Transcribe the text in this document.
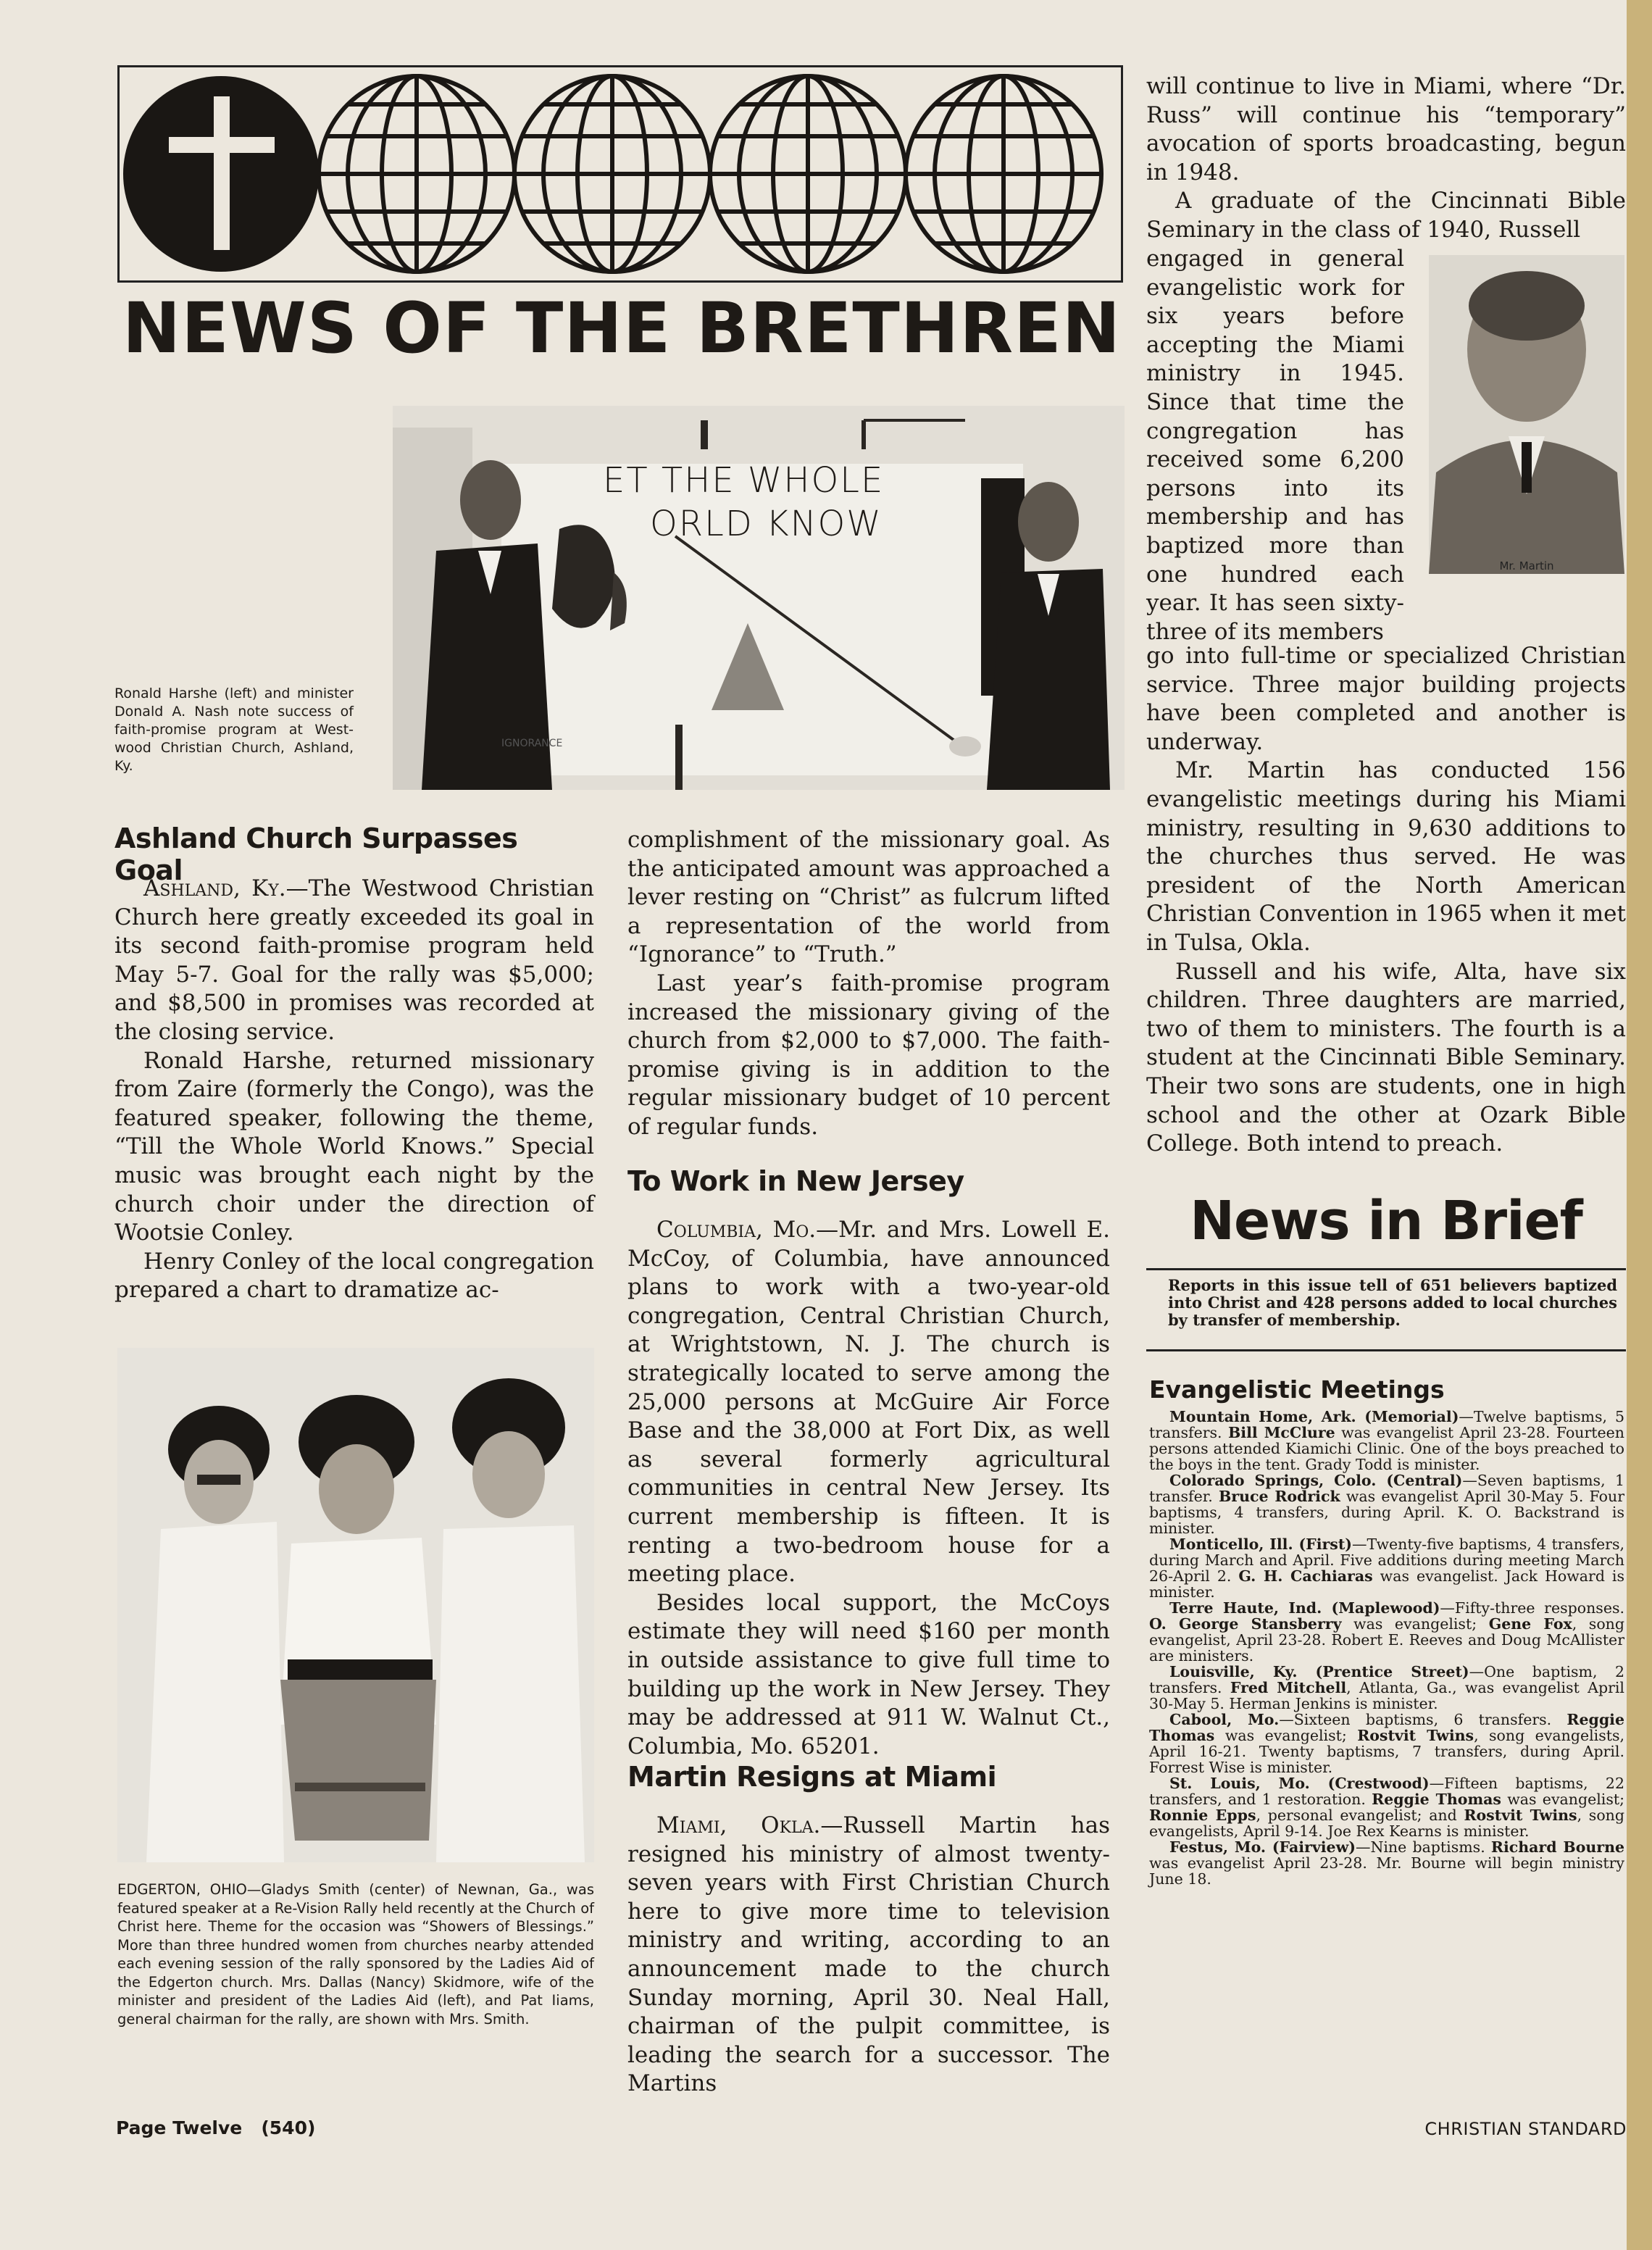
NEWS OF THE BRETHREN
IGNORANCE
ET THE WHOLE
ORLD KNOW
Ronald Harshe (left) and minister Donald A. Nash note success of faith-promise program at West-wood Christian Church, Ashland, Ky.
Ashland Church Surpasses Goal

Ashland, Ky.—The Westwood Christian Church here greatly exceeded its goal in its second faith-promise program held May 5-7. Goal for the rally was $5,000; and $8,500 in promises was recorded at the closing service.

Ronald Harshe, returned missionary from Zaire (formerly the Congo), was the featured speaker, following the theme, “Till the Whole World Knows.” Special music was brought each night by the church choir under the direction of Wootsie Conley.

Henry Conley of the local congregation prepared a chart to dramatize ac-

EDGERTON, OHIO—Gladys Smith (center) of Newnan, Ga., was featured speaker at a Re-Vision Rally held recently at the Church of Christ here. Theme for the occasion was “Showers of Blessings.” More than three hundred women from churches nearby attended each evening session of the rally sponsored by the Ladies Aid of the Edgerton church. Mrs. Dallas (Nancy) Skidmore, wife of the minister and president of the Ladies Aid (left), and Pat Iiams, general chairman for the rally, are shown with Mrs. Smith.

complishment of the missionary goal. As the anticipated amount was approached a lever resting on “Christ” as fulcrum lifted a representation of the world from “Ignorance” to “Truth.”

Last year’s faith-promise program increased the missionary giving of the church from $2,000 to $7,000. The faith-promise giving is in addition to the regular missionary budget of 10 percent of regular funds.

To Work in New Jersey

Columbia, Mo.—Mr. and Mrs. Lowell E. McCoy, of Columbia, have announced plans to work with a two-year-old congregation, Central Christian Church, at Wrightstown, N. J. The church is strategically located to serve among the 25,000 persons at McGuire Air Force Base and the 38,000 at Fort Dix, as well as several formerly agricultural communities in central New Jersey. Its current membership is fifteen. It is renting a two-bedroom house for a meeting place.

Besides local support, the McCoys estimate they will need $160 per month in outside assistance to give full time to building up the work in New Jersey. They may be addressed at 911 W. Walnut Ct., Columbia, Mo. 65201.

Martin Resigns at Miami

Miami, Okla.—Russell Martin has resigned his ministry of almost twenty-seven years with First Christian Church here to give more time to television ministry and writing, according to an announcement made to the church Sunday morning, April 30. Neal Hall, chairman of the pulpit committee, is leading the search for a successor. The Martins

will continue to live in Miami, where “Dr. Russ” will continue his “temporary” avocation of sports broadcasting, begun in 1948.

A graduate of the Cincinnati Bible Seminary in the class of 1940, Russell

engaged in general evangelistic work for six years before accepting the Miami ministry in 1945. Since that time the congregation has received some 6,200 persons into its membership and has baptized more than one hundred each year. It has seen sixty-three of its members

Mr. Martin

go into full-time or specialized Christian service. Three major building projects have been completed and another is underway.

Mr. Martin has conducted 156 evangelistic meetings during his Miami ministry, resulting in 9,630 additions to the churches thus served. He was president of the North American Christian Convention in 1965 when it met in Tulsa, Okla.

Russell and his wife, Alta, have six children. Three daughters are married, two of them to ministers. The fourth is a student at the Cincinnati Bible Seminary. Their two sons are students, one in high school and the other at Ozark Bible College. Both intend to preach.

News in Brief
Reports in this issue tell of 651 believers baptized into Christ and 428 persons added to local churches by transfer of membership.
Evangelistic Meetings

Mountain Home, Ark. (Memorial)—Twelve baptisms, 5 transfers. Bill McClure was evangelist April 23-28. Fourteen persons attended Kiamichi Clinic. One of the boys preached to the boys in the tent. Grady Todd is minister.

Colorado Springs, Colo. (Central)—Seven baptisms, 1 transfer. Bruce Rodrick was evangelist April 30-May 5. Four baptisms, 4 transfers, during April. K. O. Backstrand is minister.

Monticello, Ill. (First)—Twenty-five baptisms, 4 transfers, during March and April. Five additions during meeting March 26-April 2. G. H. Cachiaras was evangelist. Jack Howard is minister.

Terre Haute, Ind. (Maplewood)—Fifty-three responses. O. George Stansberry was evangelist; Gene Fox, song evangelist, April 23-28. Robert E. Reeves and Doug McAllister are ministers.

Louisville, Ky. (Prentice Street)—One baptism, 2 transfers. Fred Mitchell, Atlanta, Ga., was evangelist April 30-May 5. Herman Jenkins is minister.

Cabool, Mo.—Sixteen baptisms, 6 transfers. Reggie Thomas was evangelist; Rostvit Twins, song evangelists, April 16-21. Twenty baptisms, 7 transfers, during April. Forrest Wise is minister.

St. Louis, Mo. (Crestwood)—Fifteen baptisms, 22 transfers, and 1 restoration. Reggie Thomas was evangelist; Ronnie Epps, personal evangelist; and Rostvit Twins, song evangelists, April 9-14. Joe Rex Kearns is minister.

Festus, Mo. (Fairview)—Nine baptisms. Richard Bourne was evangelist April 23-28. Mr. Bourne will begin ministry June 18.

Page Twelve   (540)	CHRISTIAN STANDARD
